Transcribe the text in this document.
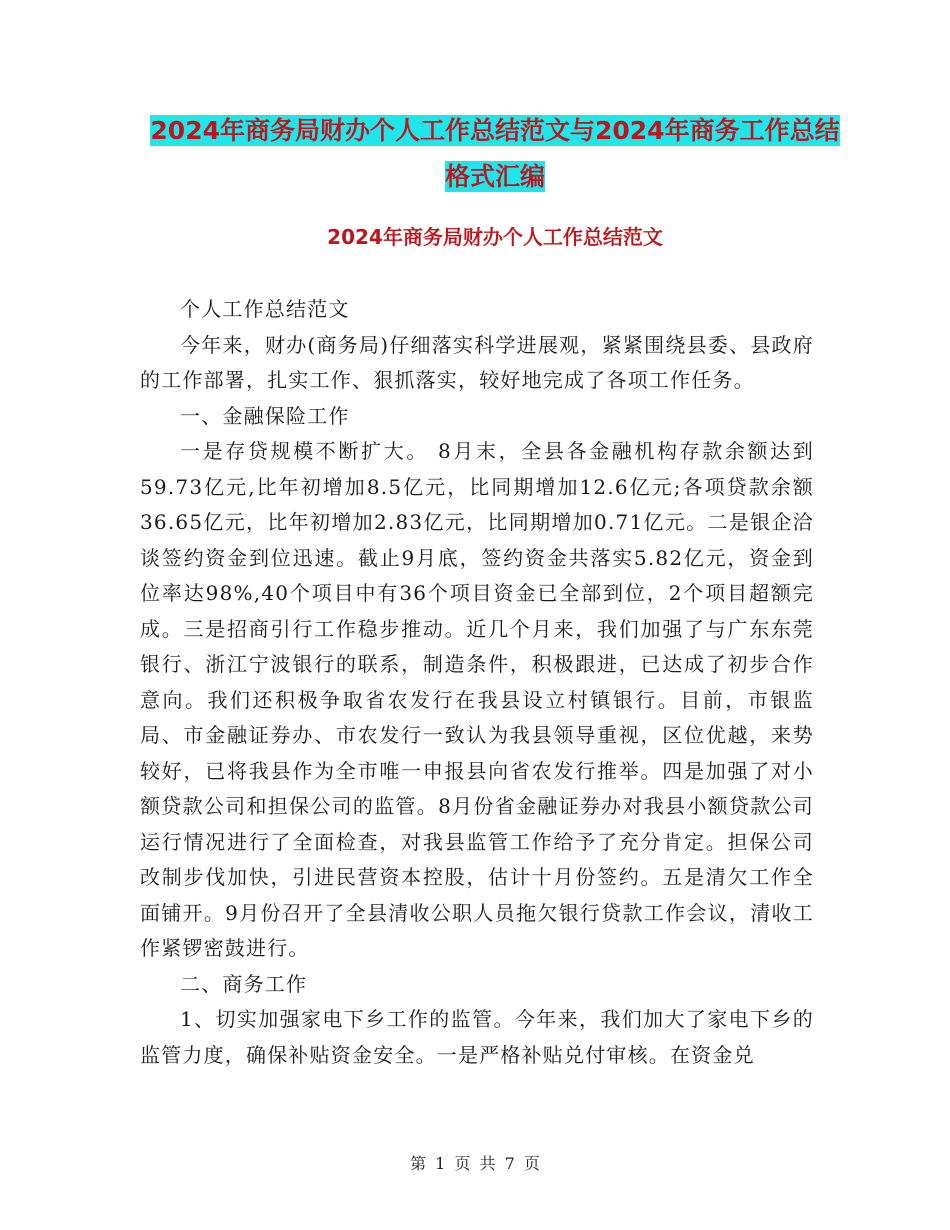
2024年商务局财办个人工作总结范文与2024年商务工作总结格式汇编
2024年商务局财办个人工作总结范文

个人工作总结范文

今年来，财办(商务局)仔细落实科学进展观，紧紧围绕县委、县政府的工作部署，扎实工作、狠抓落实，较好地完成了各项工作任务。

一、金融保险工作

一是存贷规模不断扩大。 8月末，全县各金融机构存款余额达到59.73亿元,比年初增加8.5亿元，比同期增加12.6亿元;各项贷款余额36.65亿元，比年初增加2.83亿元，比同期增加0.71亿元。二是银企洽谈签约资金到位迅速。截止9月底，签约资金共落实5.82亿元，资金到位率达98%,40个项目中有36个项目资金已全部到位，2个项目超额完成。三是招商引行工作稳步推动。近几个月来，我们加强了与广东东莞银行、浙江宁波银行的联系，制造条件，积极跟进，已达成了初步合作意向。我们还积极争取省农发行在我县设立村镇银行。目前，市银监局、市金融证券办、市农发行一致认为我县领导重视，区位优越，来势较好，已将我县作为全市唯一申报县向省农发行推举。四是加强了对小额贷款公司和担保公司的监管。8月份省金融证券办对我县小额贷款公司运行情况进行了全面检查，对我县监管工作给予了充分肯定。担保公司改制步伐加快，引进民营资本控股，估计十月份签约。五是清欠工作全面铺开。9月份召开了全县清收公职人员拖欠银行贷款工作会议，清收工作紧锣密鼓进行。

二、商务工作

1、切实加强家电下乡工作的监管。今年来，我们加大了家电下乡的监管力度，确保补贴资金安全。一是严格补贴兑付审核。在资金兑

第 1 页 共 7 页
